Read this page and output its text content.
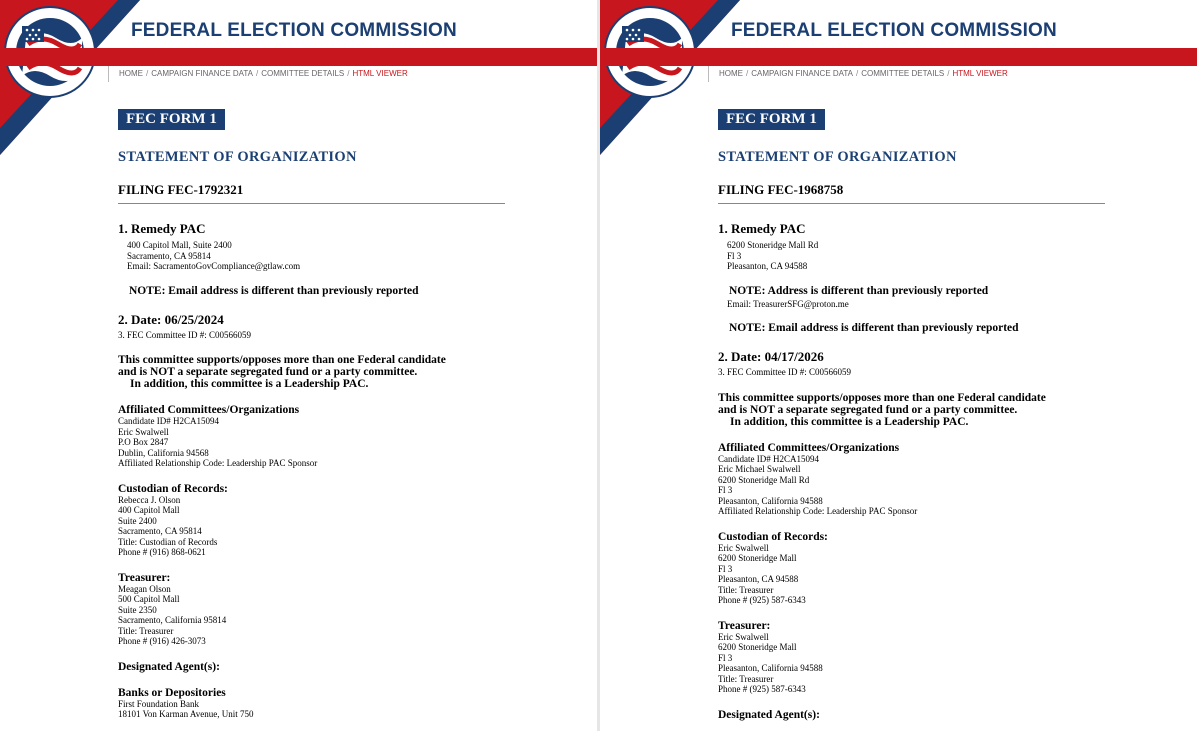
FEDERAL ELECTION COMMISSION
HOME / CAMPAIGN FINANCE DATA / COMMITTEE DETAILS / HTML VIEWER
FEC FORM 1
STATEMENT OF ORGANIZATION
FILING FEC-1792321
1. Remedy PAC
400 Capitol Mall, Suite 2400
Sacramento, CA 95814
Email: SacramentoGovCompliance@gtlaw.com
NOTE: Email address is different than previously reported
2. Date: 06/25/2024
3. FEC Committee ID #: C00566059
This committee supports/opposes more than one Federal candidate
and is NOT a separate segregated fund or a party committee.
In addition, this committee is a Leadership PAC.
Affiliated Committees/Organizations
Candidate ID# H2CA15094
Eric Swalwell
P.O Box 2847
Dublin, California 94568
Affiliated Relationship Code: Leadership PAC Sponsor
Custodian of Records:
Rebecca J. Olson
400 Capitol Mall
Suite 2400
Sacramento, CA 95814
Title: Custodian of Records
Phone # (916) 868-0621
Treasurer:
Meagan Olson
500 Capitol Mall
Suite 2350
Sacramento, California 95814
Title: Treasurer
Phone # (916) 426-3073
Designated Agent(s):
Banks or Depositories
First Foundation Bank
18101 Von Karman Avenue, Unit 750
FEDERAL ELECTION COMMISSION
HOME / CAMPAIGN FINANCE DATA / COMMITTEE DETAILS / HTML VIEWER
FEC FORM 1
STATEMENT OF ORGANIZATION
FILING FEC-1968758
1. Remedy PAC
6200 Stoneridge Mall Rd
Fl 3
Pleasanton, CA 94588
NOTE: Address is different than previously reported
Email: TreasurerSFG@proton.me
NOTE: Email address is different than previously reported
2. Date: 04/17/2026
3. FEC Committee ID #: C00566059
This committee supports/opposes more than one Federal candidate
and is NOT a separate segregated fund or a party committee.
In addition, this committee is a Leadership PAC.
Affiliated Committees/Organizations
Candidate ID# H2CA15094
Eric Michael Swalwell
6200 Stoneridge Mall Rd
Fl 3
Pleasanton, California 94588
Affiliated Relationship Code: Leadership PAC Sponsor
Custodian of Records:
Eric Swalwell
6200 Stoneridge Mall
Fl 3
Pleasanton, CA 94588
Title: Treasurer
Phone # (925) 587-6343
Treasurer:
Eric Swalwell
6200 Stoneridge Mall
Fl 3
Pleasanton, California 94588
Title: Treasurer
Phone # (925) 587-6343
Designated Agent(s):
